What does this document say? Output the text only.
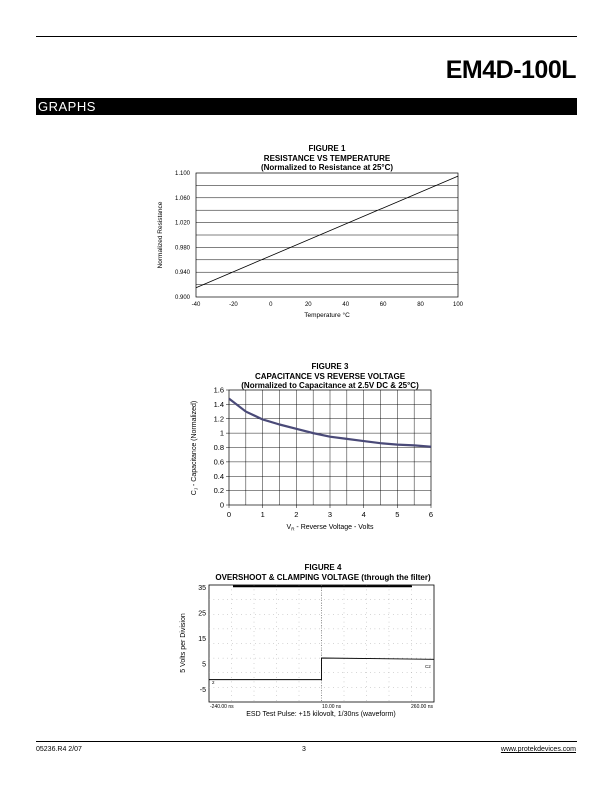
EM4D-100L
GRAPHS
FIGURE 1
RESISTANCE VS TEMPERATURE
(Normalized to Resistance at 25°C)
0.900
0.940
0.980
1.020
1.060
1.100
-40	-20	0	20	40	60	80	100
Temperature °C
Normalized Resistance
FIGURE 3
CAPACITANCE VS REVERSE VOLTAGE
(Normalized to Capacitance at 2.5V DC & 25°C)
0
0.2
0.4
0.6
0.8
1
1.2
1.4
1.6
0	1	2	3	4	5	6
$V_R$ - Reverse Voltage - Volts
$C_J$ - Capacitance (Normalized)
FIGURE 4
OVERSHOOT & CLAMPING VOLTAGE (through the filter)
-5
5
15
25
35
C2
2
-240.00 ns	10.00 ns	260.00 ns
ESD Test Pulse: +15 kilovolt, 1/30ns (waveform)
5 Volts per Division
05236.R4 2/07	3	www.protekdevices.com
